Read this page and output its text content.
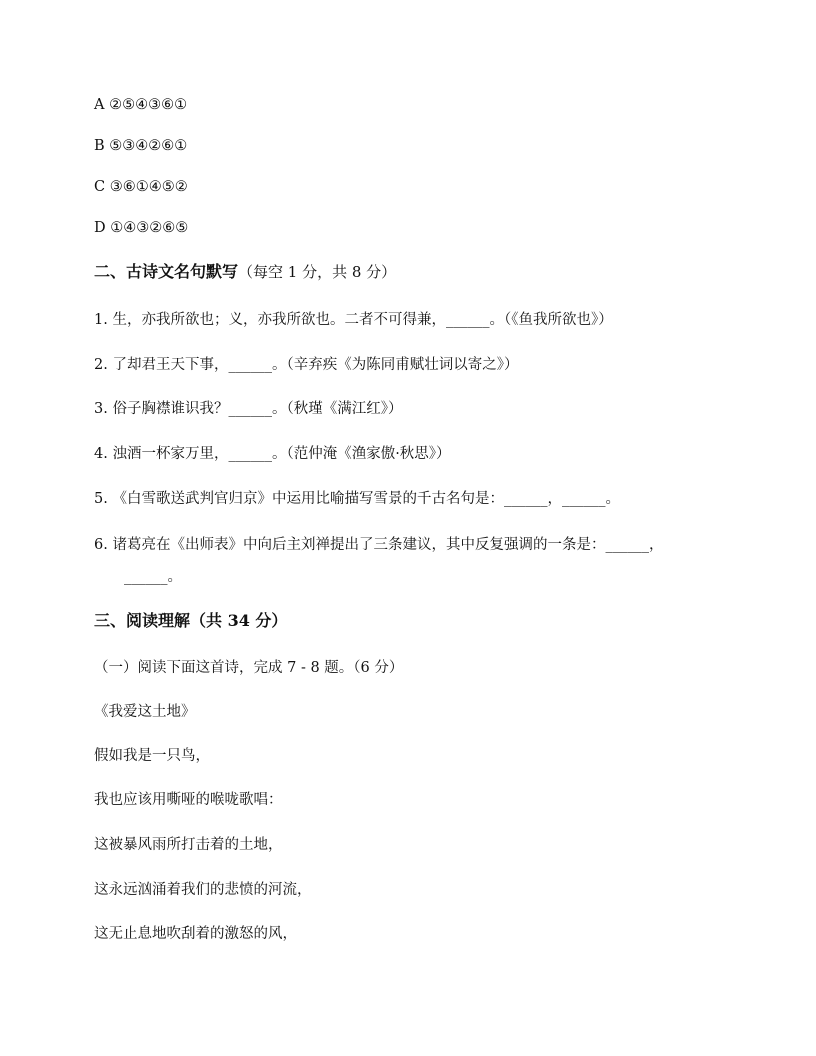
A ②⑤④③⑥①
B ⑤③④②⑥①
C ③⑥①④⑤②
D ①④③②⑥⑤
二、古诗文名句默写（每空 1 分，共 8 分）
1. 生，亦我所欲也；义，亦我所欲也。二者不可得兼，______。（《鱼我所欲也》）
2. 了却君王天下事，______。（辛弃疾《为陈同甫赋壮词以寄之》）
3. 俗子胸襟谁识我？______。（秋瑾《满江红》）
4. 浊酒一杯家万里，______。（范仲淹《渔家傲·秋思》）
5. 《白雪歌送武判官归京》中运用比喻描写雪景的千古名句是：______，______。
6. 诸葛亮在《出师表》中向后主刘禅提出了三条建议，其中反复强调的一条是：______，
______。
三、阅读理解（共 34 分）
（一）阅读下面这首诗，完成 7 - 8 题。（6 分）
《我爱这土地》
假如我是一只鸟，
我也应该用嘶哑的喉咙歌唱：
这被暴风雨所打击着的土地，
这永远汹涌着我们的悲愤的河流，
这无止息地吹刮着的激怒的风，
